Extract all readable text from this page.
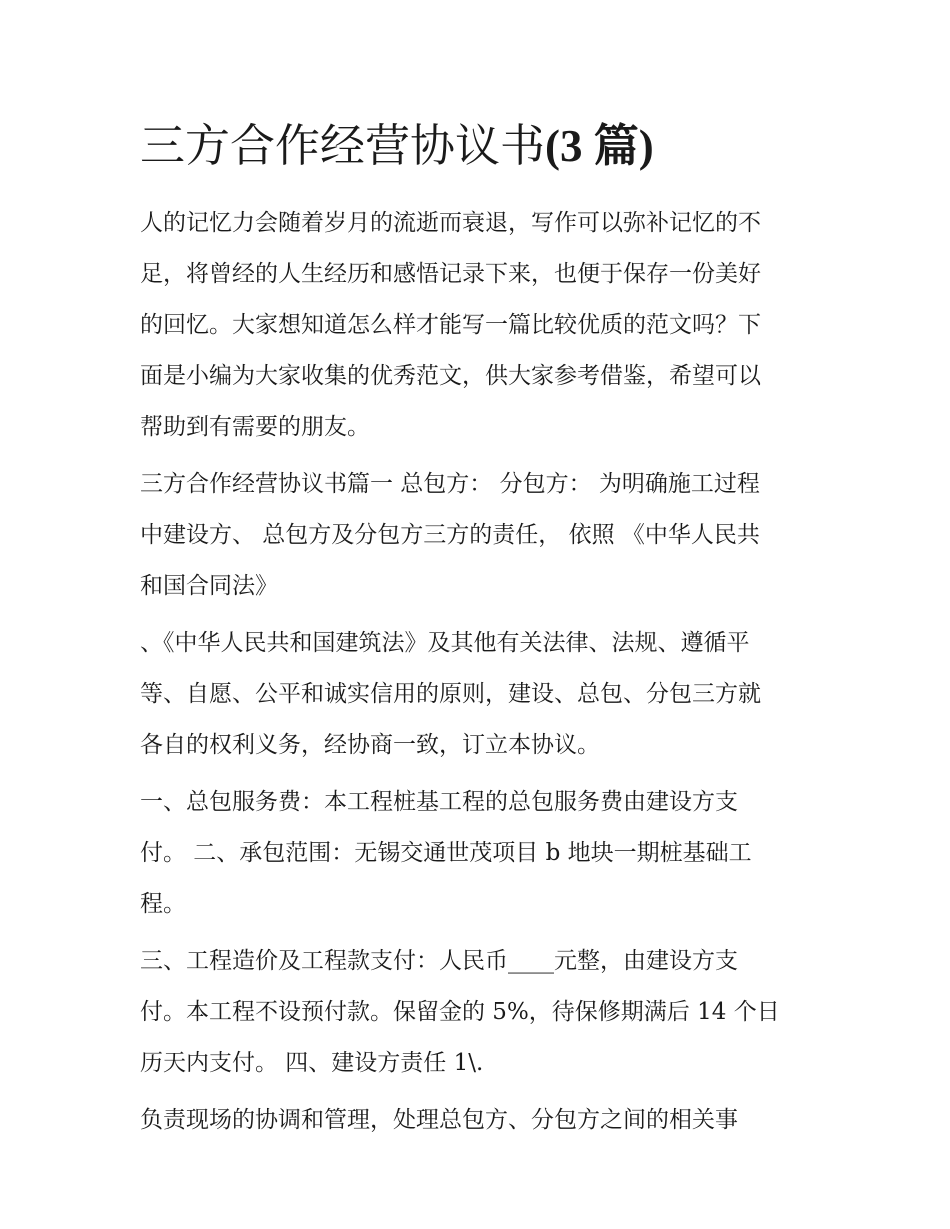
三方合作经营协议书(3 篇)

人的记忆力会随着岁月的流逝而衰退，写作可以弥补记忆的不
足，将曾经的人生经历和感悟记录下来，也便于保存一份美好
的回忆。大家想知道怎么样才能写一篇比较优质的范文吗？下
面是小编为大家收集的优秀范文，供大家参考借鉴，希望可以
帮助到有需要的朋友。

三方合作经营协议书篇一 总包方： 分包方： 为明确施工过程
中建设方、 总包方及分包方三方的责任， 依照 《中华人民共
和国合同法》

、《中华人民共和国建筑法》及其他有关法律、法规、遵循平
等、自愿、公平和诚实信用的原则，建设、总包、分包三方就
各自的权利义务，经协商一致，订立本协议。

一、总包服务费：本工程桩基工程的总包服务费由建设方支
付。 二、承包范围：无锡交通世茂项目 b 地块一期桩基础工
程。

三、工程造价及工程款支付：人民币____元整，由建设方支
付。本工程不设预付款。保留金的 5%，待保修期满后 14 个日
历天内支付。 四、建设方责任 1\.

负责现场的协调和管理，处理总包方、分包方之间的相关事
